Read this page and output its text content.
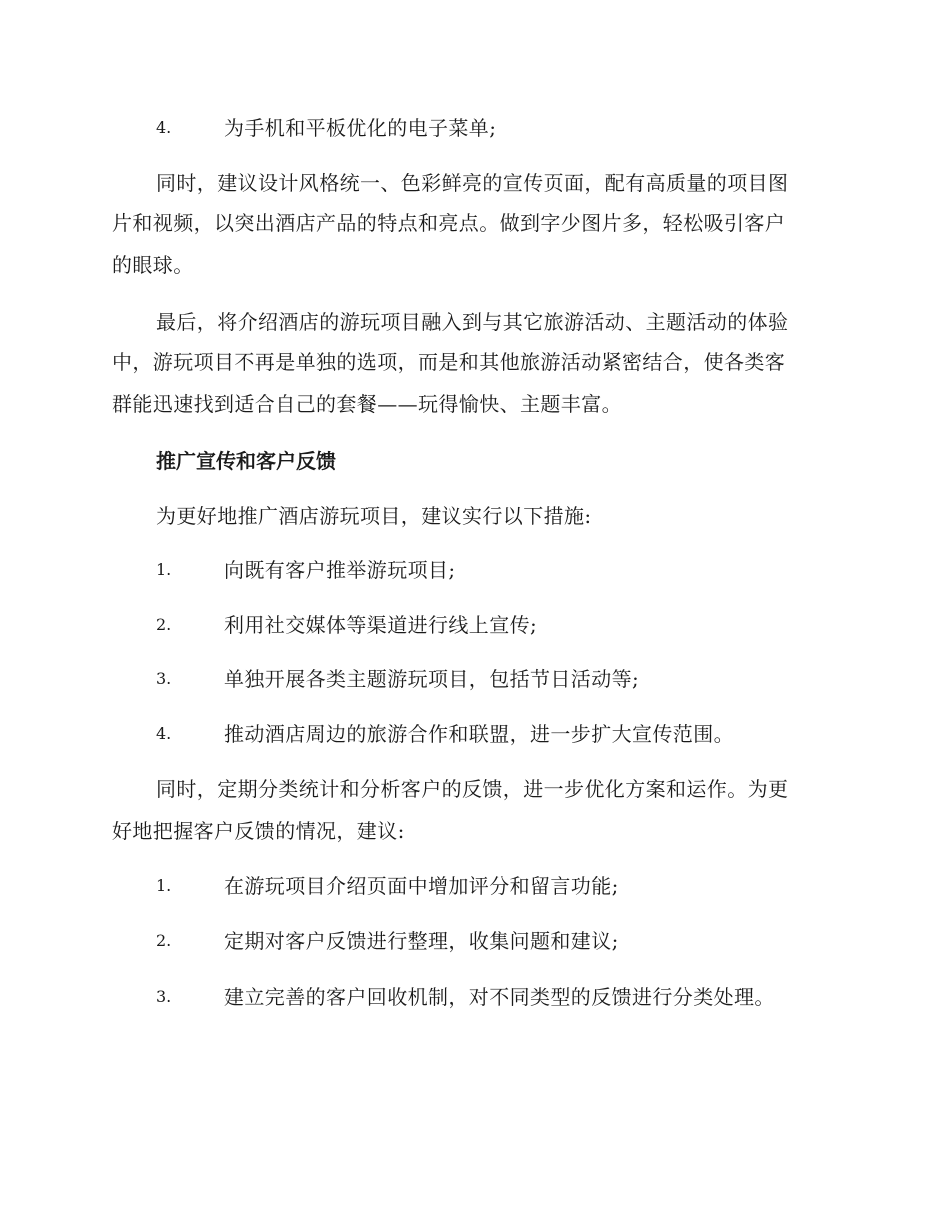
4.	为手机和平板优化的电子菜单;
同时，建议设计风格统一、色彩鲜亮的宣传页面，配有高质量的项目图
片和视频，以突出酒店产品的特点和亮点。做到字少图片多，轻松吸引客户
的眼球。
最后，将介绍酒店的游玩项目融入到与其它旅游活动、主题活动的体验
中，游玩项目不再是单独的选项，而是和其他旅游活动紧密结合，使各类客
群能迅速找到适合自己的套餐——玩得愉快、主题丰富。
推广宣传和客户反馈
为更好地推广酒店游玩项目，建议实行以下措施:
1.	向既有客户推举游玩项目;
2.	利用社交媒体等渠道进行线上宣传;
3.	单独开展各类主题游玩项目，包括节日活动等;
4.	推动酒店周边的旅游合作和联盟，进一步扩大宣传范围。
同时，定期分类统计和分析客户的反馈，进一步优化方案和运作。为更
好地把握客户反馈的情况，建议:
1.	在游玩项目介绍页面中增加评分和留言功能;
2.	定期对客户反馈进行整理，收集问题和建议;
3.	建立完善的客户回收机制，对不同类型的反馈进行分类处理。
